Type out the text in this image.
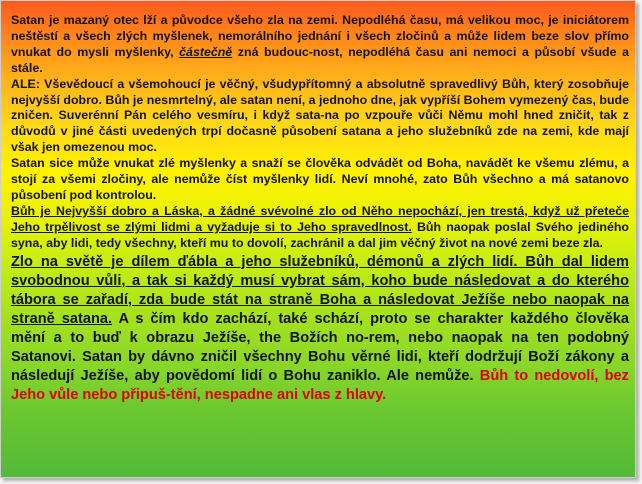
Satan je mazaný otec lží a původce všeho zla na zemi. Nepodléhá času, má velikou moc, je iniciátorem neštěstí a všech zlých myšlenek, nemorálního jednání i všech zločinů a může lidem beze slov přímo vnukat do mysli myšlenky, částečně zná budouc-nost, nepodléhá času ani nemoci a působí všude a stále.

ALE: Vševědoucí a všemohoucí je věčný, všudypřítomný a absolutně spravedlivý Bůh, který zosobňuje nejvyšší dobro. Bůh je nesmrtelný, ale satan není, a jednoho dne, jak vypříší Bohem vymezený čas, bude zničen. Suverénní Pán celého vesmíru, i když sata-na po vzpouře vůči Němu mohl hned zničit, tak z důvodů v jiné části uvedených trpí dočasně působení satana a jeho služebníků zde na zemi, kde mají však jen omezenou moc.

Satan sice může vnukat zlé myšlenky a snaží se člověka odvádět od Boha, navádět ke všemu zlému, a stojí za všemi zločiny, ale nemůže číst myšlenky lidí. Neví mnohé, zato Bůh všechno a má satanovo působení pod kontrolou.

Bůh je Nejvyšší dobro a Láska, a žádné svévolné zlo od Něho nepochází, jen trestá, když už přeteče Jeho trpělivost se zlými lidmi a vyžaduje si to Jeho spravedlnost. Bůh naopak poslal Svého jediného syna, aby lidi, tedy všechny, kteří mu to dovolí, zachránil a dal jim věčný život na nové zemi beze zla.

Zlo na světě je dílem ďábla a jeho služebníků, démonů a zlých lidí. Bůh dal lidem svobodnou vůli, a tak si každý musí vybrat sám, koho bude následovat a do kterého tábora se zařadí, zda bude stát na straně Boha a následovat Ježíše nebo naopak na straně satana. A s čím kdo zachází, také schází, proto se charakter každého člověka mění a to buď k obrazu Ježíše, the Božích no-rem, nebo naopak na ten podobný Satanovi. Satan by dávno zničil všechny Bohu věrné lidi, kteří dodržují Boží zákony a následují Ježíše, aby povědomí lidí o Bohu zaniklo. Ale nemůže. Bůh to nedovolí, bez Jeho vůle nebo připuš-tění, nespadne ani vlas z hlavy.
